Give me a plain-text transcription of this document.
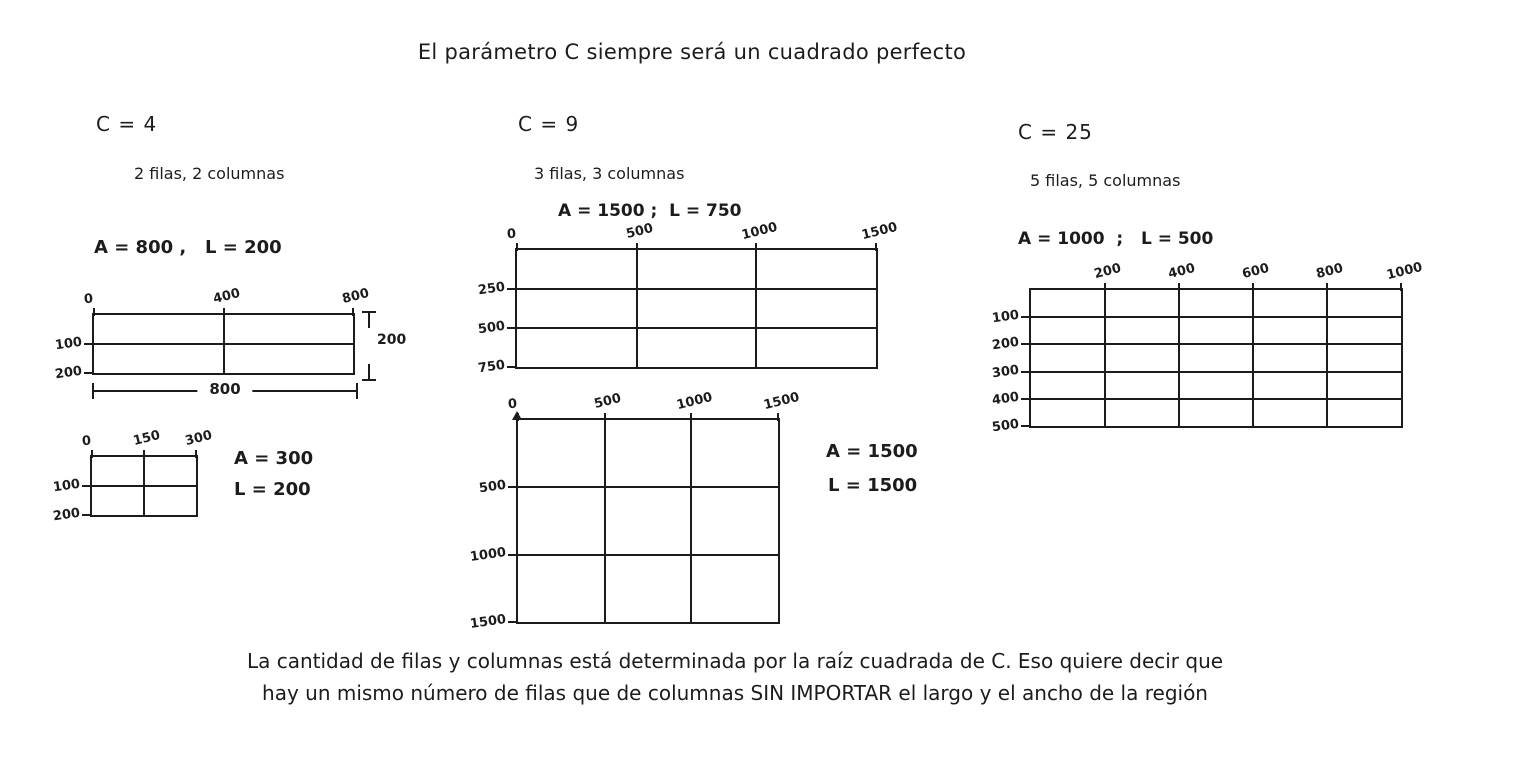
El parámetro C siempre será un cuadrado perfecto
C = 4
2 filas, 2 columnas
A = 800 ,   L = 200
0	400	800
100
200
200
800
0	150 300
100
200
A = 300
L = 200
C = 9
3 filas, 3 columnas
A = 1500 ;  L = 750
0	500	1000	1500
250
500
750
0	500	1000	1500
500
1000
1500
A = 1500
L = 1500
C = 25
5 filas, 5 columnas
A = 1000  ;   L = 500
200	400	600	800	1000
100
200
300
400
500
La cantidad de filas y columnas está determinada por la raíz cuadrada de C. Eso quiere decir que
hay un mismo número de filas que de columnas SIN IMPORTAR el largo y el ancho de la región
